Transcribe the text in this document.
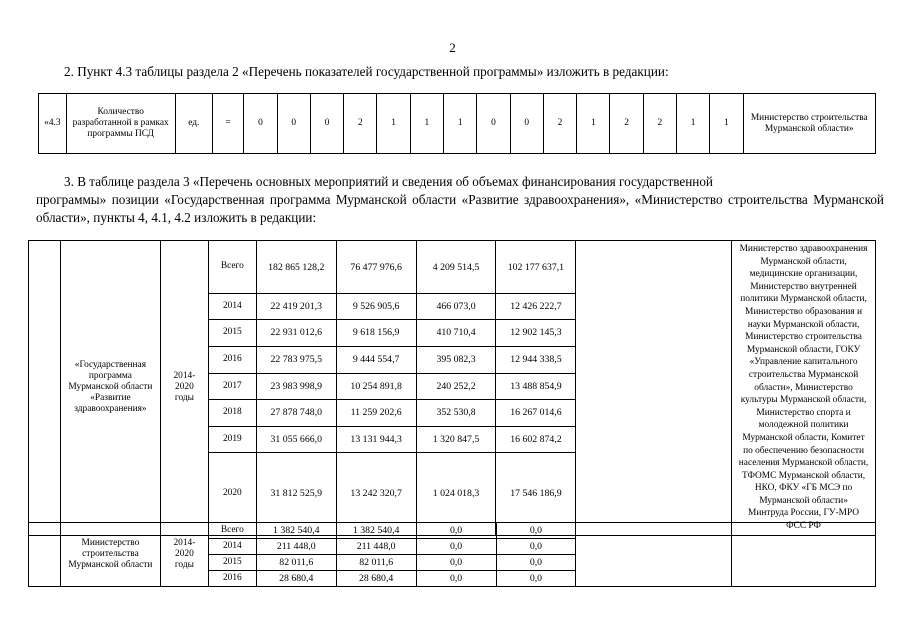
2
2. Пункт 4.3 таблицы раздела 2 «Перечень показателей государственной программы» изложить в редакции:
«4.3	Количество разработанной в рамках программы ПСД	ед.	=	0	0	0	2	1	1	1	0	0	2	1	2	2	1	1	Министерство строительства Мурманской области»
3. В таблице раздела 3 «Перечень основных мероприятий и сведения об объемах финансирования государственной
программы» позиции «Государственная программа Мурманской области «Развитие здравоохранения», «Министерство строительства Мурманской области», пункты 4, 4.1, 4.2 изложить в редакции:
	«Государственная программа Мурманской области «Развитие здравоохранения»	2014-2020 годы	Всего	182 865 128,2	76 477 976,6	4 209 514,5	102 177 637,1		Министерство здравоохранения Мурманской области, медицинские организации, Министерство внутренней политики Мурманской области, Министерство образования и науки Мурманской области, Министерство строительства Мурманской области, ГОКУ «Управление капитального строительства Мурманской области», Министерство культуры Мурманской области, Министерство спорта и молодежной политики Мурманской области, Комитет по обеспечению безопасности населения Мурманской области, ТФОМС Мурманской области, НКО, ФКУ «ГБ МСЭ по Мурманской области» Минтруда России, ГУ-МРО ФСС РФ
			2014	22 419 201,3	9 526 905,6	466 073,0	12 426 222,7		
			2015	22 931 012,6	9 618 156,9	410 710,4	12 902 145,3		
			2016	22 783 975,5	9 444 554,7	395 082,3	12 944 338,5		
			2017	23 983 998,9	10 254 891,8	240 252,2	13 488 854,9		
			2018	27 878 748,0	11 259 202,6	352 530,8	16 267 014,6		
			2019	31 055 666,0	13 131 944,3	1 320 847,5	16 602 874,2		
			2020	31 812 525,9	13 242 320,7	1 024 018,3	17 546 186,9		
	Министерство строительства Мурманской области	2014-2020 годы	Всего	1 382 540,4	1 382 540,4	0,0	0,0		
			2014	211 448,0	211 448,0	0,0	0,0		
			2015	82 011,6	82 011,6	0,0	0,0		
			2016	28 680,4	28 680,4	0,0	0,0		
